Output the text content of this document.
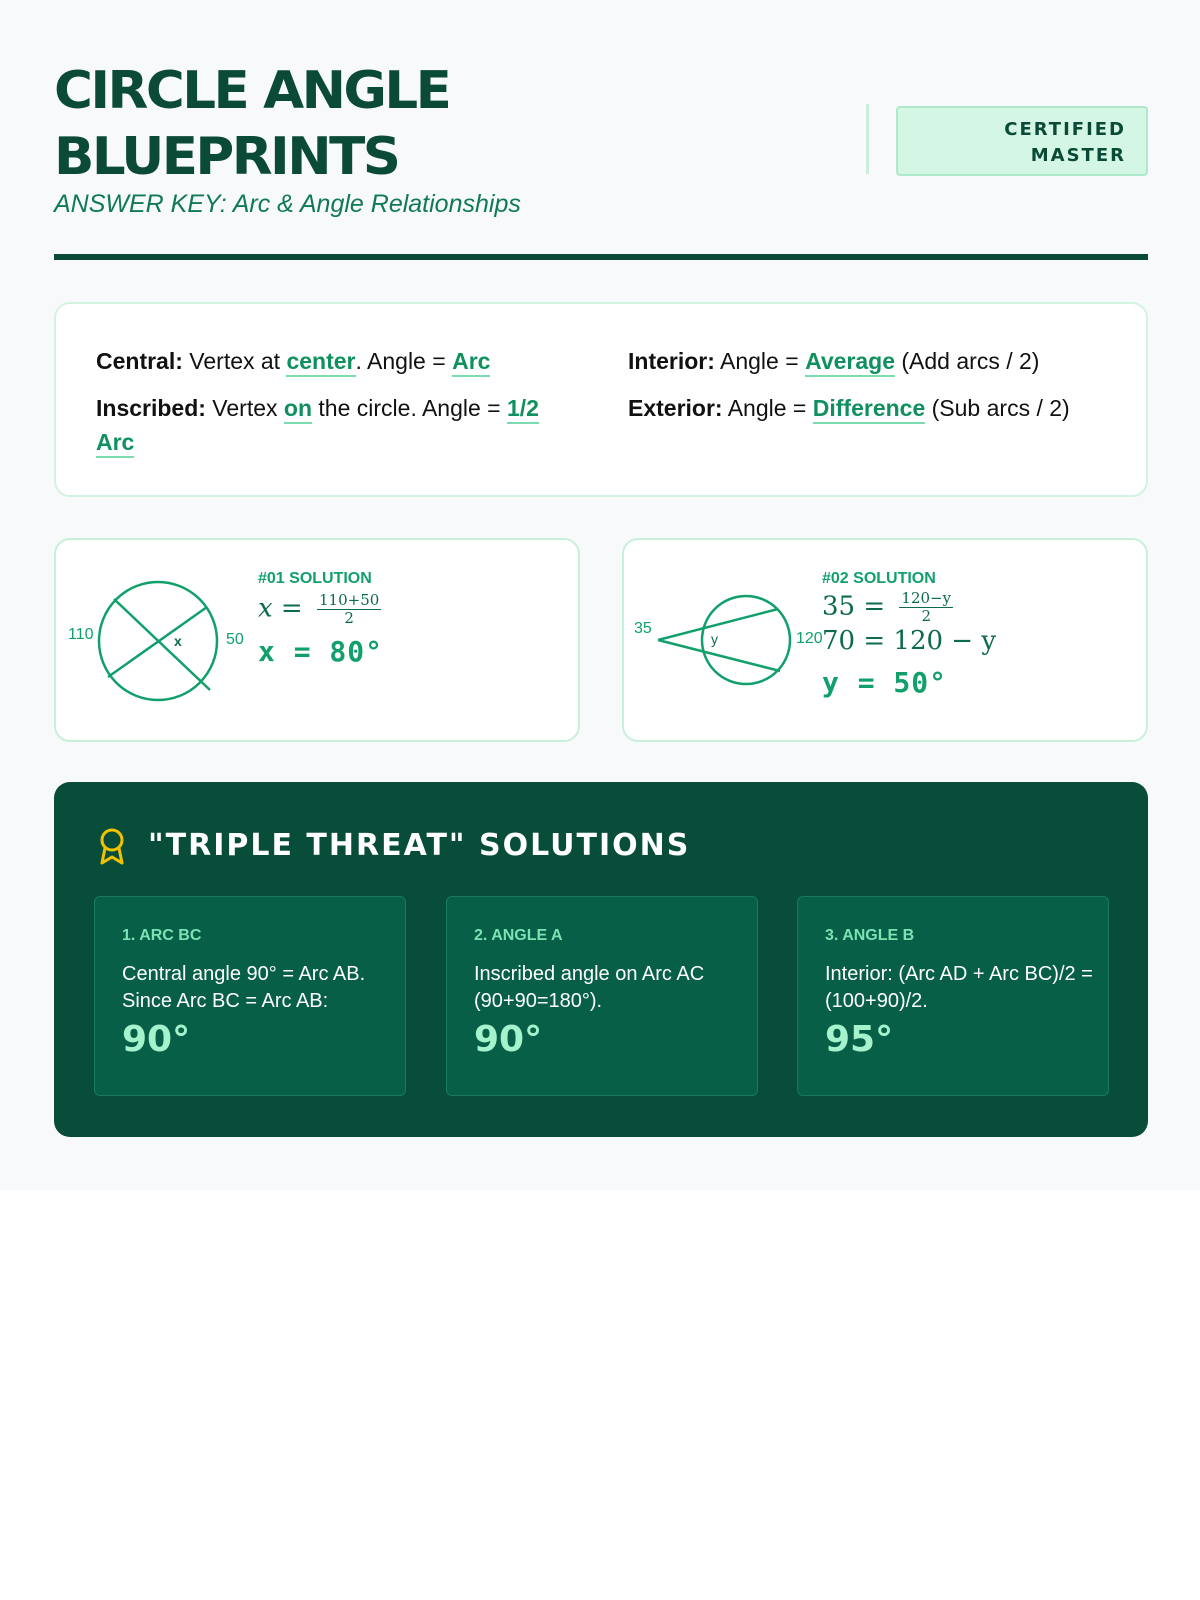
CIRCLE ANGLE
BLUEPRINTS
ANSWER KEY: Arc & Angle Relationships
CERTIFIED
MASTER
Central: Vertex at center. Angle = Arc
Inscribed: Vertex on the circle. Angle = 1/2 Arc
Interior: Angle = Average (Add arcs / 2)
Exterior: Angle = Difference (Sub arcs / 2)
110	50
x
#01 SOLUTION
$x = \frac{110+50}{2}$
x = 80°
35
120
y
#02 SOLUTION
$35 = \frac{120-y}{2}$
70 = 120 − y
y = 50°
"TRIPLE THREAT" SOLUTIONS
1. ARC BC
Central angle 90° = Arc AB. Since Arc BC = Arc AB:
90°
2. ANGLE A
Inscribed angle on Arc AC (90+90=180°).
90°
3. ANGLE B
Interior: (Arc AD + Arc BC)/2 = (100+90)/2.
95°
